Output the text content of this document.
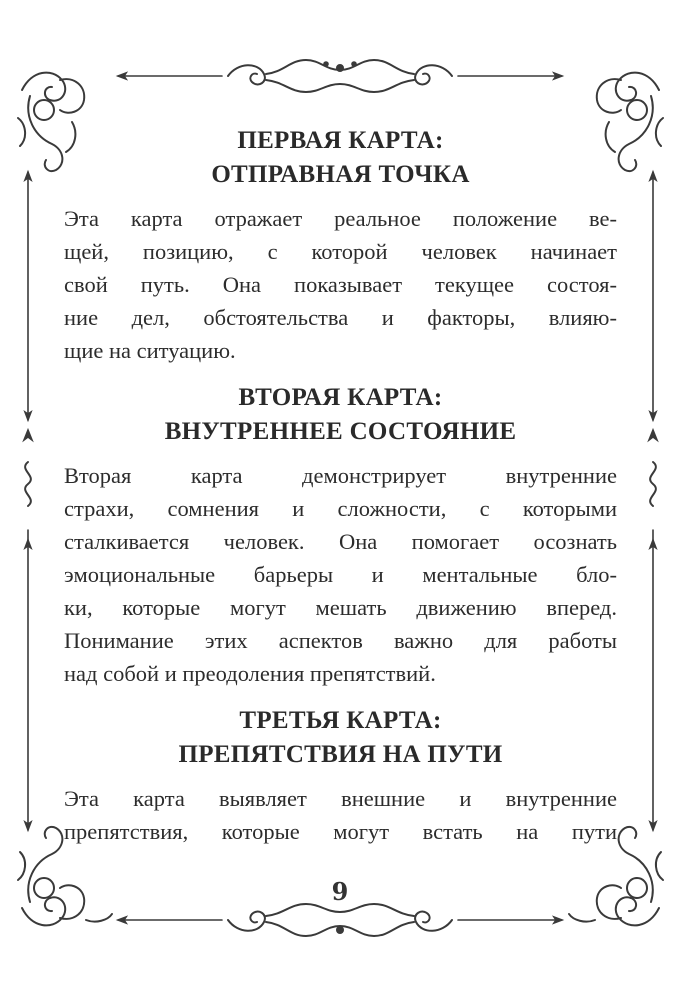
ПЕРВАЯ КАРТА:
ОТПРАВНАЯ ТОЧКА

Эта карта отражает реальное положение ве-
щей, позицию, с которой человек начинает
свой путь. Она показывает текущее состоя-
ние дел, обстоятельства и факторы, влияю-
щие на ситуацию.

ВТОРАЯ КАРТА:
ВНУТРЕННЕЕ СОСТОЯНИЕ

Вторая карта демонстрирует внутренние
страхи, сомнения и сложности, с которыми
сталкивается человек. Она помогает осознать
эмоциональные барьеры и ментальные бло-
ки, которые могут мешать движению вперед.
Понимание этих аспектов важно для работы
над собой и преодоления препятствий.

ТРЕТЬЯ КАРТА:
ПРЕПЯТСТВИЯ НА ПУТИ

Эта карта выявляет внешние и внутренние
препятствия, которые могут встать на пути

9
